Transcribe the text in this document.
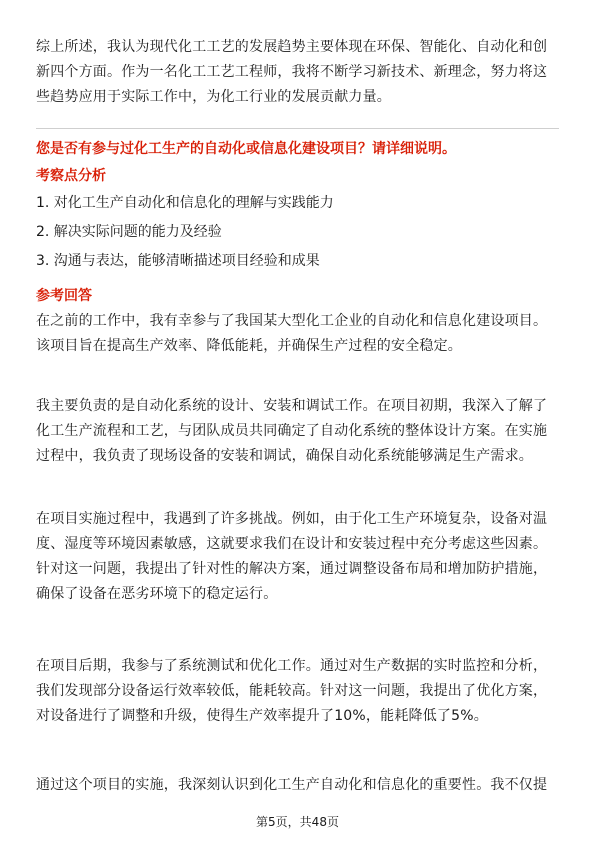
综上所述，我认为现代化工工艺的发展趋势主要体现在环保、智能化、自动化和创
新四个方面。作为一名化工工艺工程师，我将不断学习新技术、新理念，努力将这
些趋势应用于实际工作中，为化工行业的发展贡献力量。

您是否有参与过化工生产的自动化或信息化建设项目？请详细说明。

考察点分析

1. 对化工生产自动化和信息化的理解与实践能力

2. 解决实际问题的能力及经验

3. 沟通与表达，能够清晰描述项目经验和成果

参考回答

在之前的工作中，我有幸参与了我国某大型化工企业的自动化和信息化建设项目。
该项目旨在提高生产效率、降低能耗，并确保生产过程的安全稳定。

我主要负责的是自动化系统的设计、安装和调试工作。在项目初期，我深入了解了
化工生产流程和工艺，与团队成员共同确定了自动化系统的整体设计方案。在实施
过程中，我负责了现场设备的安装和调试，确保自动化系统能够满足生产需求。

在项目实施过程中，我遇到了许多挑战。例如，由于化工生产环境复杂，设备对温
度、湿度等环境因素敏感，这就要求我们在设计和安装过程中充分考虑这些因素。
针对这一问题，我提出了针对性的解决方案，通过调整设备布局和增加防护措施，
确保了设备在恶劣环境下的稳定运行。

在项目后期，我参与了系统测试和优化工作。通过对生产数据的实时监控和分析，
我们发现部分设备运行效率较低，能耗较高。针对这一问题，我提出了优化方案，
对设备进行了调整和升级，使得生产效率提升了10%，能耗降低了5%。

通过这个项目的实施，我深刻认识到化工生产自动化和信息化的重要性。我不仅提

第5页，共48页
